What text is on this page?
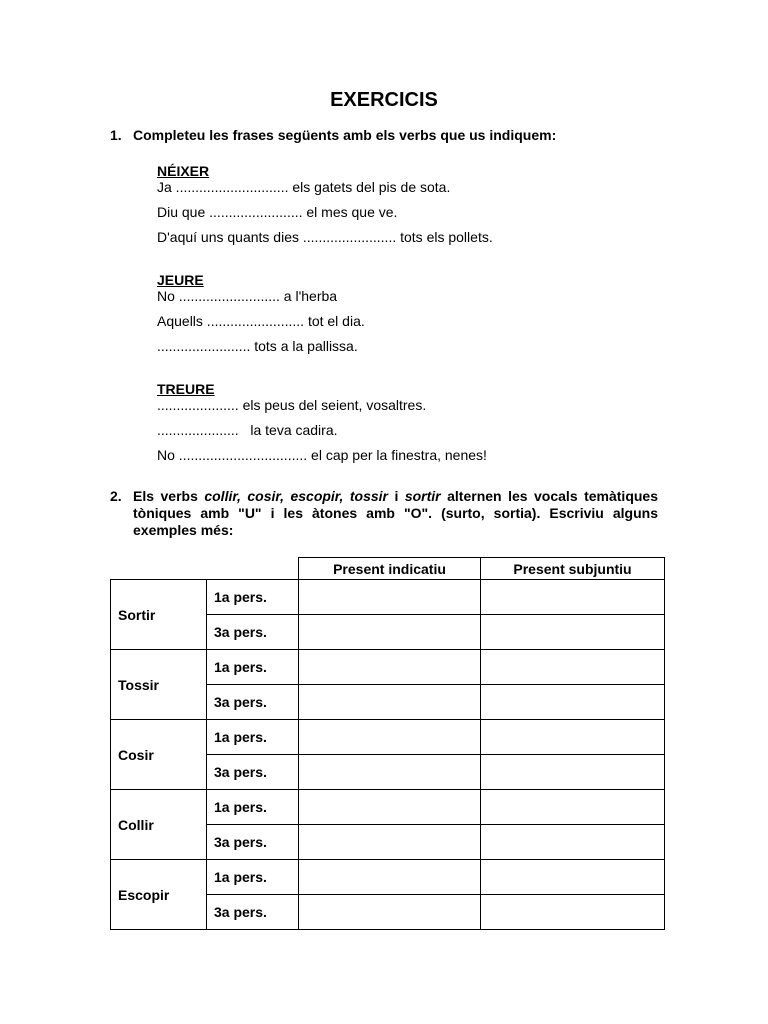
EXERCICIS
1. Completeu les frases següents amb els verbs que us indiquem:
NÉIXER
Ja ............................. els gatets del pis de sota.
Diu que ........................ el mes que ve.
D'aquí uns quants dies ........................ tots els pollets.
JEURE
No .......................... a l'herba
Aquells ......................... tot el dia.
........................ tots a la pallissa.
TREURE
..................... els peus del seient, vosaltres.
.....................   la teva cadira.
No ................................. el cap per la finestra, nenes!
2. Els verbs collir, cosir, escopir, tossir i sortir alternen les vocals temàtiques tòniques amb "U" i les àtones amb "O". (surto, sortia). Escriviu alguns exemples més:
		Present indicatiu	Present subjuntiu
Sortir	1a pers.		
	3a pers.		
Tossir	1a pers.		
	3a pers.		
Cosir	1a pers.		
	3a pers.		
Collir	1a pers.		
	3a pers.		
Escopir	1a pers.		
	3a pers.		
